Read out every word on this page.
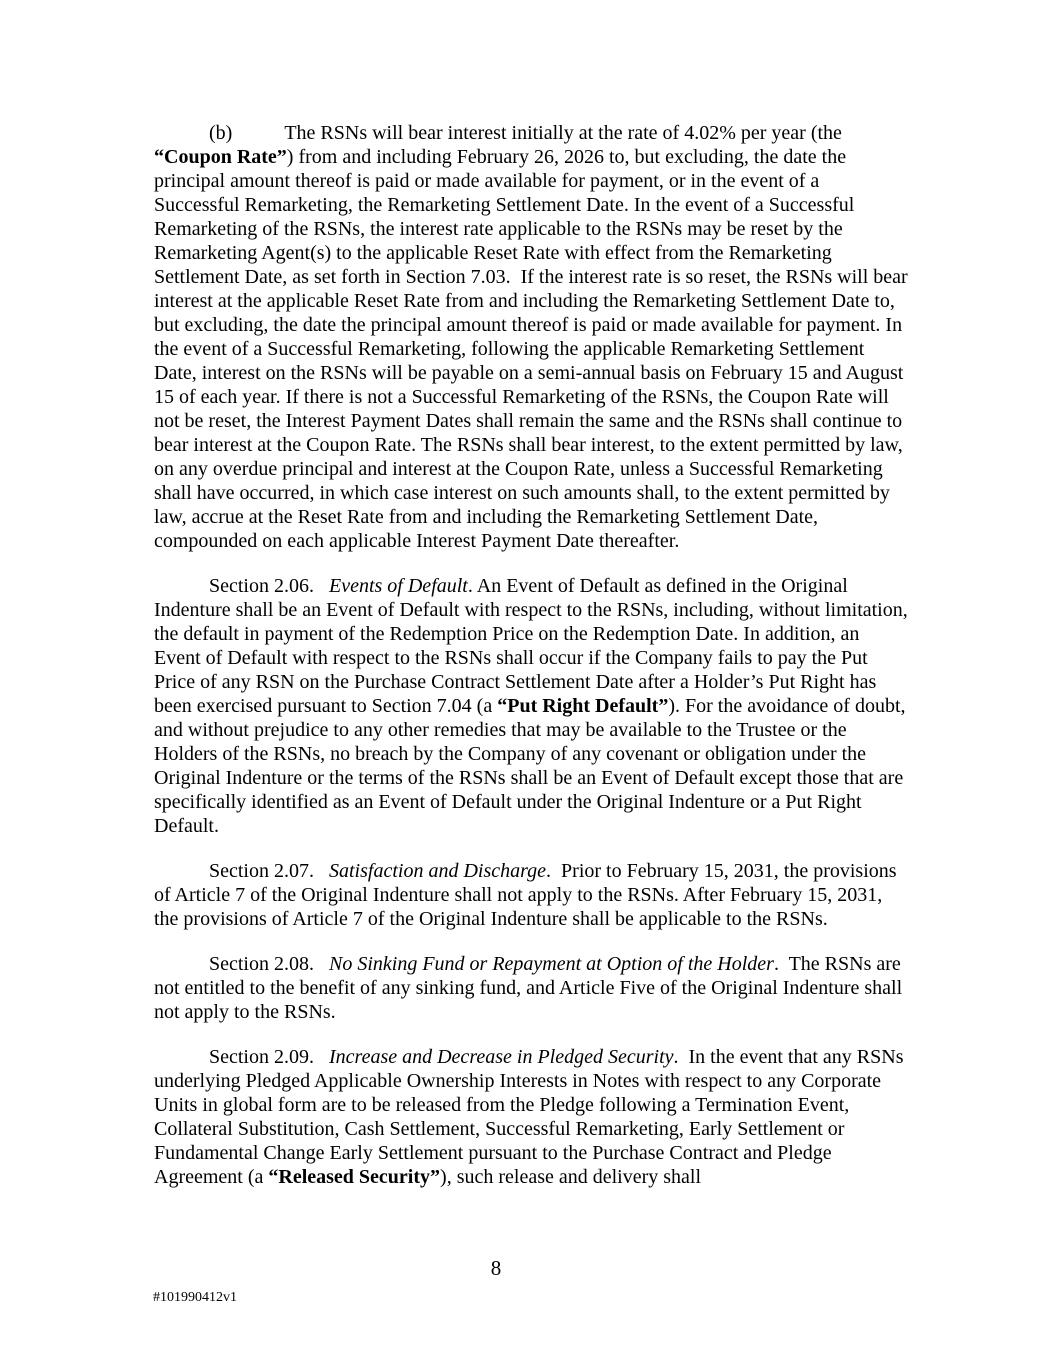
(b)	The RSNs will bear interest initially at the rate of 4.02% per year (the “Coupon Rate”) from and including February 26, 2026 to, but excluding, the date the principal amount thereof is paid or made available for payment, or in the event of a Successful Remarketing, the Remarketing Settlement Date. In the event of a Successful Remarketing of the RSNs, the interest rate applicable to the RSNs may be reset by the Remarketing Agent(s) to the applicable Reset Rate with effect from the Remarketing Settlement Date, as set forth in Section 7.03.  If the interest rate is so reset, the RSNs will bear interest at the applicable Reset Rate from and including the Remarketing Settlement Date to, but excluding, the date the principal amount thereof is paid or made available for payment. In the event of a Successful Remarketing, following the applicable Remarketing Settlement Date, interest on the RSNs will be payable on a semi-annual basis on February 15 and August 15 of each year. If there is not a Successful Remarketing of the RSNs, the Coupon Rate will not be reset, the Interest Payment Dates shall remain the same and the RSNs shall continue to bear interest at the Coupon Rate. The RSNs shall bear interest, to the extent permitted by law, on any overdue principal and interest at the Coupon Rate, unless a Successful Remarketing shall have occurred, in which case interest on such amounts shall, to the extent permitted by law, accrue at the Reset Rate from and including the Remarketing Settlement Date, compounded on each applicable Interest Payment Date thereafter.

Section 2.06.   Events of Default. An Event of Default as defined in the Original Indenture shall be an Event of Default with respect to the RSNs, including, without limitation, the default in payment of the Redemption Price on the Redemption Date. In addition, an Event of Default with respect to the RSNs shall occur if the Company fails to pay the Put Price of any RSN on the Purchase Contract Settlement Date after a Holder’s Put Right has been exercised pursuant to Section 7.04 (a “Put Right Default”). For the avoidance of doubt, and without prejudice to any other remedies that may be available to the Trustee or the Holders of the RSNs, no breach by the Company of any covenant or obligation under the Original Indenture or the terms of the RSNs shall be an Event of Default except those that are specifically identified as an Event of Default under the Original Indenture or a Put Right Default.

Section 2.07.   Satisfaction and Discharge.  Prior to February 15, 2031, the provisions of Article 7 of the Original Indenture shall not apply to the RSNs. After February 15, 2031, the provisions of Article 7 of the Original Indenture shall be applicable to the RSNs.

Section 2.08.   No Sinking Fund or Repayment at Option of the Holder.  The RSNs are not entitled to the benefit of any sinking fund, and Article Five of the Original Indenture shall not apply to the RSNs.

Section 2.09.   Increase and Decrease in Pledged Security.  In the event that any RSNs underlying Pledged Applicable Ownership Interests in Notes with respect to any Corporate Units in global form are to be released from the Pledge following a Termination Event, Collateral Substitution, Cash Settlement, Successful Remarketing, Early Settlement or Fundamental Change Early Settlement pursuant to the Purchase Contract and Pledge Agreement (a “Released Security”), such release and delivery shall

8
#101990412v1
